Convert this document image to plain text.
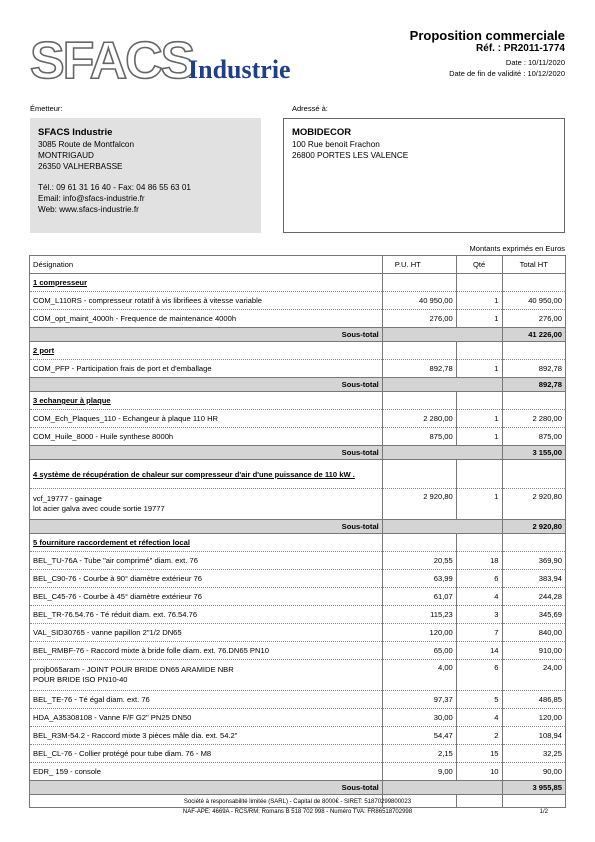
SFACS
Industrie
Proposition commerciale
Réf. : PR2011-1774
Date : 10/11/2020
Date de fin de validité : 10/12/2020
Émetteur:	Adressé à:
SFACS Industrie
3085 Route de Montfalcon
MONTRIGAUD
26350 VALHERBASSE
Tél.: 09 61 31 16 40 - Fax: 04 86 55 63 01
Email: info@sfacs-industrie.fr
Web: www.sfacs-industrie.fr
MOBIDECOR
100 Rue benoit Frachon
26800 PORTES LES VALENCE
Montants exprimés en Euros
Désignation	P.U. HT	Qté	Total HT
1 compresseur			

COM_L110RS - compresseur rotatif à vis librifiees à vitesse variable	40 950,00	1	40 950,00

COM_opt_maint_4000h - Frequence de maintenance 4000h	276,00	1	276,00
Sous-total			41 226,00
2 port			

COM_PFP - Participation frais de port et d'emballage	892,78	1	892,78
Sous-total			892,78
3 echangeur à plaque			

COM_Ech_Plaques_110 - Echangeur à plaque 110 HR	2 280,00	1	2 280,00

COM_Huile_8000 - Huile synthese 8000h	875,00	1	875,00
Sous-total			3 155,00
4 système de récupération de chaleur sur compresseur d'air d'une puissance de 110 kW .			

vcf_19777 - gainage
lot acier galva avec coude sortie 19777	2 920,80	1	2 920,80
Sous-total			2 920,80
5 fourniture raccordement et réfection local			

BEL_TU-76A - Tube "air comprimé" diam. ext. 76	20,55	18	369,90

BEL_C90-76 - Courbe à 90° diamètre extérieur 76	63,99	6	383,94

BEL_C45-76 - Courbe à 45° diamètre extérieur 76	61,07	4	244,28

BEL_TR-76.54.76 - Té réduit diam. ext. 76.54.76	115,23	3	345,69

VAL_SID30765 - vanne papillon 2"1/2 DN65	120,00	7	840,00

BEL_RMBF-76 - Raccord mixte à bride folle diam. ext. 76.DN65 PN10	65,00	14	910,00

projb065aram - JOINT POUR BRIDE DN65 ARAMIDE NBR
POUR BRIDE ISO PN10-40	4,00	6	24,00

BEL_TE-76 - Té égal diam. ext. 76	97,37	5	486,85

HDA_A35308108 - Vanne F/F G2" PN25 DN50	30,00	4	120,00

BEL_R3M-54.2 - Raccord mixte 3 pièces mâle dia. ext. 54.2"	54,47	2	108,94

BEL_CL-76 - Collier protégé pour tube diam. 76 - M8	2,15	15	32,25

EDR_ 159 - console	9,00	10	90,00
Sous-total			3 955,85

Société à responsabilité limitée (SARL) - Capital de 8000€ - SIRET: 51870299800023
NAF-APE: 4669A - RCS/RM: Romans B 518 702 998 - Numéro TVA: FR86518702998	1/2
